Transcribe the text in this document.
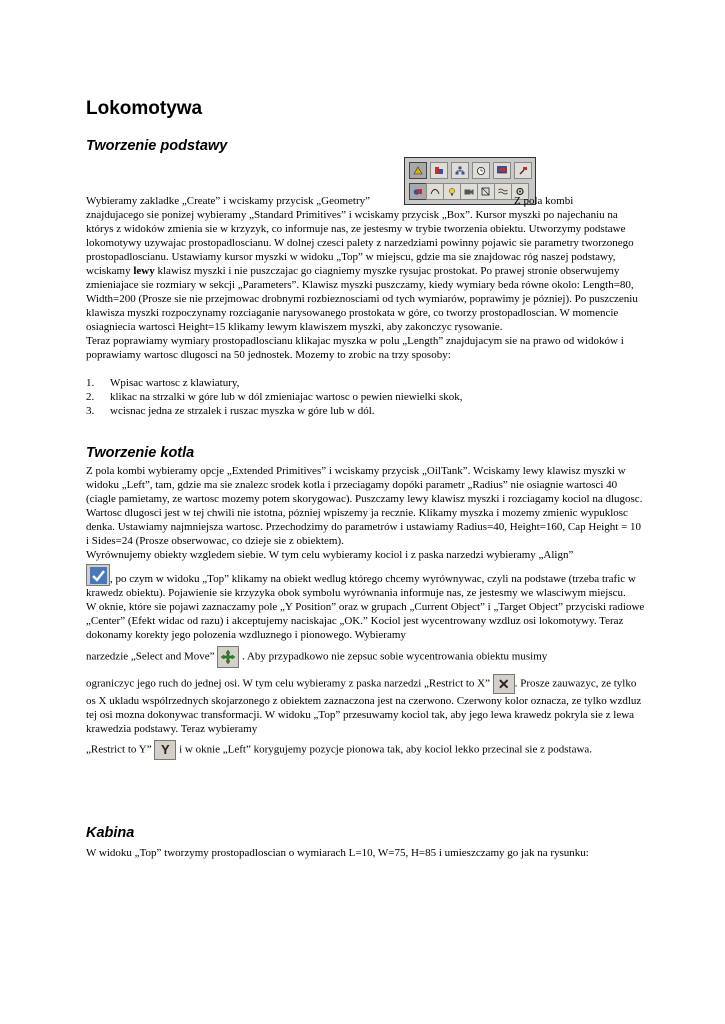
Lokomotywa
Tworzenie podstawy

Wybieramy zakladke „Create” i wciskamy przycisk „Geometry”	Z pola kombi

znajdujacego sie ponizej wybieramy „Standard Primitives” i wciskamy przycisk „Box”. Kursor myszki po najechaniu na którys z widoków zmienia sie w krzyzyk, co informuje nas, ze jestesmy w trybie tworzenia obiektu. Utworzymy podstawe lokomotywy uzywajac prostopadloscianu. W dolnej czesci palety z narzedziami powinny pojawic sie parametry tworzonego prostopadloscianu. Ustawiamy kursor myszki w widoku „Top” w miejscu, gdzie ma sie znajdowac róg naszej podstawy, wciskamy lewy klawisz myszki i nie puszczajac go ciagniemy myszke rysujac prostokat. Po prawej stronie obserwujemy zmieniajace sie rozmiary w sekcji „Parameters”. Klawisz myszki puszczamy, kiedy wymiary beda równe okolo: Length=80, Width=200 (Prosze sie nie przejmowac drobnymi rozbieznosciami od tych wymiarów, poprawimy je pózniej). Po puszczeniu klawisza myszki rozpoczynamy rozciaganie narysowanego prostokata w góre, co tworzy prostopadloscian. W momencie osiagniecia wartosci Height=15 klikamy lewym klawiszem myszki, aby zakonczyc rysowanie.

Teraz poprawiamy wymiary prostopadloscianu klikajac myszka w polu „Length” znajdujacym sie na prawo od widoków i poprawiamy wartosc dlugosci na 50 jednostek. Mozemy to zrobic na trzy sposoby:

1. Wpisac wartosc z klawiatury,
2. klikac na strzalki w góre lub w dól zmieniajac wartosc o pewien niewielki skok,
3. wcisnac jedna ze strzalek i ruszac myszka w góre lub w dól.
Tworzenie kotla

Z pola kombi wybieramy opcje „Extended Primitives” i wciskamy przycisk „OilTank”. Wciskamy lewy klawisz myszki w widoku „Left”, tam, gdzie ma sie znalezc srodek kotla i przeciagamy dopóki parametr „Radius” nie osiagnie wartosci 40 (ciagle pamietamy, ze wartosc mozemy potem skorygowac). Puszczamy lewy klawisz myszki i rozciagamy kociol na dlugosc. Wartosc dlugosci jest w tej chwili nie istotna, pózniej wpiszemy ja recznie. Klikamy myszka i mozemy zmienic wypuklosc denka. Ustawiamy najmniejsza wartosc. Przechodzimy do parametrów i ustawiamy Radius=40, Height=160, Cap Height = 10 i Sides=24 (Prosze obserwowac, co dzieje sie z obiektem).

Wyrównujemy obiekty wzgledem siebie. W tym celu wybieramy kociol i z paska narzedzi wybieramy „Align”

, po czym w widoku „Top” klikamy na obiekt wedlug którego chcemy wyrównywac, czyli na podstawe (trzeba trafic w krawedz obiektu). Pojawienie sie krzyzyka obok symbolu wyrównania informuje nas, ze jestesmy we wlasciwym miejscu.

W oknie, które sie pojawi zaznaczamy pole „Y Position” oraz w grupach „Current Object” i „Target Object” przyciski radiowe „Center” (Efekt widac od razu) i akceptujemy naciskajac „OK.” Kociol jest wycentrowany wzdluz osi lokomotywy. Teraz dokonamy korekty jego polozenia wzdluznego i pionowego. Wybieramy

narzedzie „Select and Move”	. Aby przypadkowo nie zepsuc sobie wycentrowania obiektu musimy

ograniczyc jego ruch do jednej osi. W tym celu wybieramy z paska narzedzi „Restrict to X” ✕ . Prosze zauwazyc, ze tylko os X ukladu wspólrzednych skojarzonego z obiektem zaznaczona jest na czerwono. Czerwony kolor oznacza, ze tylko wzdluz tej osi mozna dokonywac transformacji. W widoku „Top” przesuwamy kociol tak, aby jego lewa krawedz pokryla sie z lewa krawedzia podstawy. Teraz wybieramy

„Restrict to Y” Y i w oknie „Left” korygujemy pozycje pionowa tak, aby kociol lekko przecinal sie z podstawa.

Kabina

W widoku „Top” tworzymy prostopadloscian o wymiarach L=10, W=75, H=85 i umieszczamy go jak na rysunku:
